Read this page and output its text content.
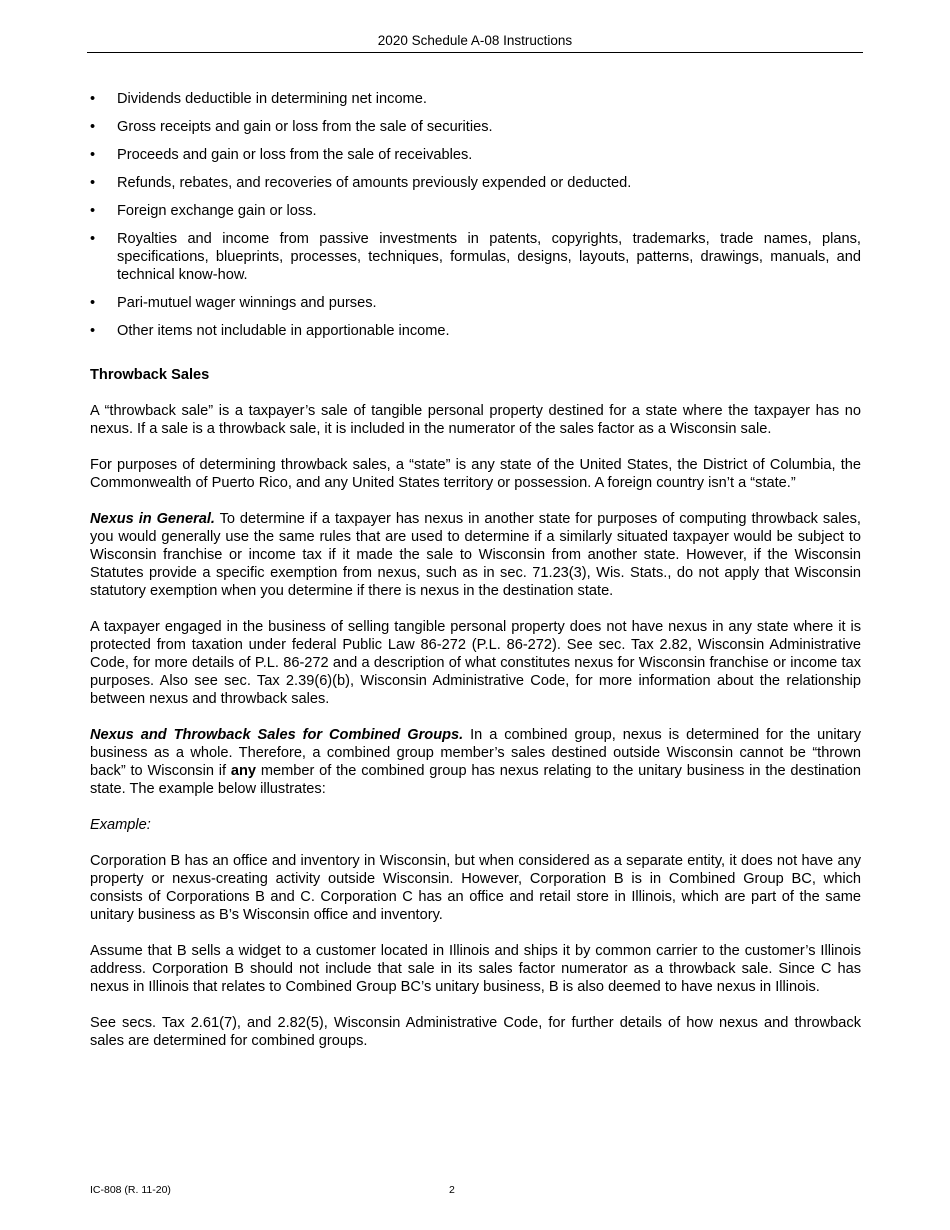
2020 Schedule A-08 Instructions
•	Dividends deductible in determining net income.
•	Gross receipts and gain or loss from the sale of securities.
•	Proceeds and gain or loss from the sale of receivables.
•	Refunds, rebates, and recoveries of amounts previously expended or deducted.
•	Foreign exchange gain or loss.
•	Royalties and income from passive investments in patents, copyrights, trademarks, trade names, plans, specifications, blueprints, processes, techniques, formulas, designs, layouts, patterns, drawings, manuals, and technical know-how.
•	Pari-mutuel wager winnings and purses.
•	Other items not includable in apportionable income.
Throwback Sales

A “throwback sale” is a taxpayer’s sale of tangible personal property destined for a state where the taxpayer has no nexus. If a sale is a throwback sale, it is included in the numerator of the sales factor as a Wisconsin sale.

For purposes of determining throwback sales, a “state” is any state of the United States, the District of Columbia, the Commonwealth of Puerto Rico, and any United States territory or possession. A foreign country isn’t a “state.”

Nexus in General. To determine if a taxpayer has nexus in another state for purposes of computing throwback sales, you would generally use the same rules that are used to determine if a similarly situated taxpayer would be subject to Wisconsin franchise or income tax if it made the sale to Wisconsin from another state. However, if the Wisconsin Statutes provide a specific exemption from nexus, such as in sec. 71.23(3), Wis. Stats., do not apply that Wisconsin statutory exemption when you determine if there is nexus in the destination state.

A taxpayer engaged in the business of selling tangible personal property does not have nexus in any state where it is protected from taxation under federal Public Law 86-272 (P.L. 86-272). See sec. Tax 2.82, Wisconsin Administrative Code, for more details of P.L. 86-272 and a description of what constitutes nexus for Wisconsin franchise or income tax purposes. Also see sec. Tax 2.39(6)(b), Wisconsin Administrative Code, for more information about the relationship between nexus and throwback sales.

Nexus and Throwback Sales for Combined Groups. In a combined group, nexus is determined for the unitary business as a whole. Therefore, a combined group member’s sales destined outside Wisconsin cannot be “thrown back” to Wisconsin if any member of the combined group has nexus relating to the unitary business in the destination state. The example below illustrates:

Example:

Corporation B has an office and inventory in Wisconsin, but when considered as a separate entity, it does not have any property or nexus-creating activity outside Wisconsin. However, Corporation B is in Combined Group BC, which consists of Corporations B and C. Corporation C has an office and retail store in Illinois, which are part of the same unitary business as B’s Wisconsin office and inventory.

Assume that B sells a widget to a customer located in Illinois and ships it by common carrier to the customer’s Illinois address. Corporation B should not include that sale in its sales factor numerator as a throwback sale. Since C has nexus in Illinois that relates to Combined Group BC’s unitary business, B is also deemed to have nexus in Illinois.

See secs. Tax 2.61(7), and 2.82(5), Wisconsin Administrative Code, for further details of how nexus and throwback sales are determined for combined groups.

IC-808 (R. 11-20)	2
